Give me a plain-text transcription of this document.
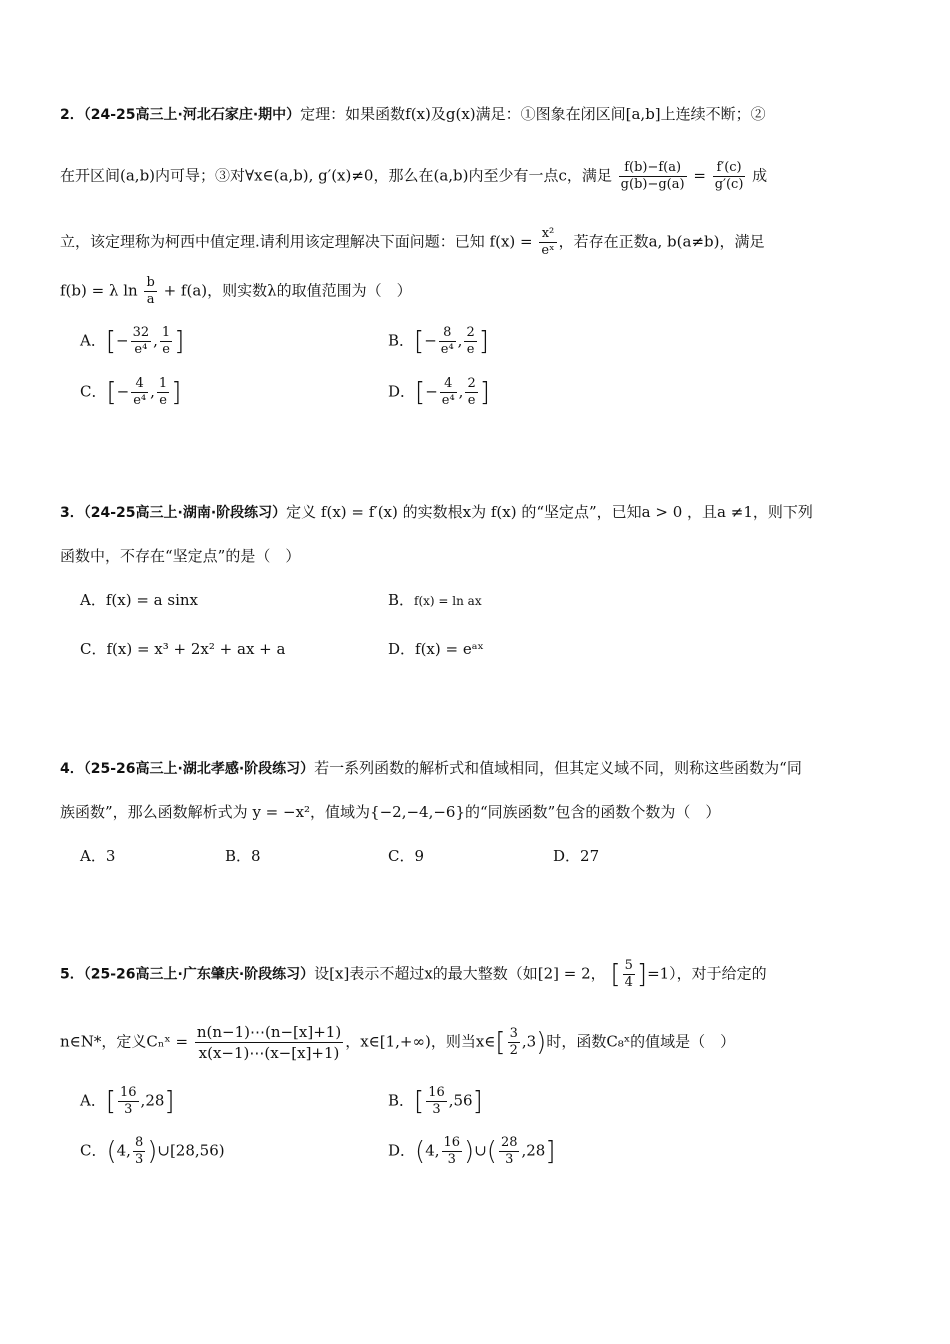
2．（24-25高三上·河北石家庄·期中）定理：如果函数f(x)及g(x)满足：①图象在闭区间[a,b]上连续不断；②
在开区间(a,b)内可导；③对∀x∈(a,b), g′(x)≠0，那么在(a,b)内至少有一点c，满足 $\frac{f(b)-f(a)}{g(b)-g(a)} = \frac{f'(c)}{g'(c)}$ 成
立，该定理称为柯西中值定理.请利用该定理解决下面问题：已知 $f(x) = \frac{\text{x²}}{\text{eˣ}}$ ，若存在正数a, b(a≠b)，满足
f(b) = λ $\ln \frac{b}{a} + f(a)$，则实数λ的取值范围为（　）
A．[− $\frac{32}{\text{e⁴}}$ , $\frac{1}{e}$ ]	B．[− $\frac{8}{\text{e⁴}}$ , $\frac{2}{e}$ ]
C．[− $\frac{4}{\text{e⁴}}$ , $\frac{1}{e}$ ]	D．[− $\frac{4}{\text{e⁴}}$ , $\frac{2}{e}$ ]
3．（24-25高三上·湖南·阶段练习）定义 f(x) = f′(x) 的实数根x为 f(x) 的“坚定点”，已知a > 0 ，且a ≠1，则下列
函数中，不存在“坚定点”的是（　）
A．f(x) = a sinx	B．f(x) = ln ax
C．f(x) = x³ + 2x² + ax + a	D．f(x) = eᵃˣ
4．（25-26高三上·湖北孝感·阶段练习）若一系列函数的解析式和值域相同，但其定义域不同，则称这些函数为“同
族函数”，那么函数解析式为 y = −x²，值域为{−2,−4,−6}的“同族函数”包含的函数个数为（　）
A．3	B．8	C．9	D．27
5．（25-26高三上·广东肇庆·阶段练习）设[x]表示不超过x的最大整数（如[2] = 2， [ $\frac{5}{4} ]=1$），对于给定的
n∈N*，定义Cₙˣ = $\frac{n(n-1)\cdots(n-[x]+1)}{x(x-1)\cdots(x-[x]+1)}$ ，x∈[1,+∞)，则当x∈[ $\frac{3}{2} ,3$)时，函数C₈ˣ的值域是（　）
A．[ $\frac{16}{3} ,28$]	B．[ $\frac{16}{3} ,56$]
C．(4, $\frac{8}{3}$ )∪[28,56)	D．(4, $\frac{16}{3}$ )∪( $\frac{28}{3} ,28$]
